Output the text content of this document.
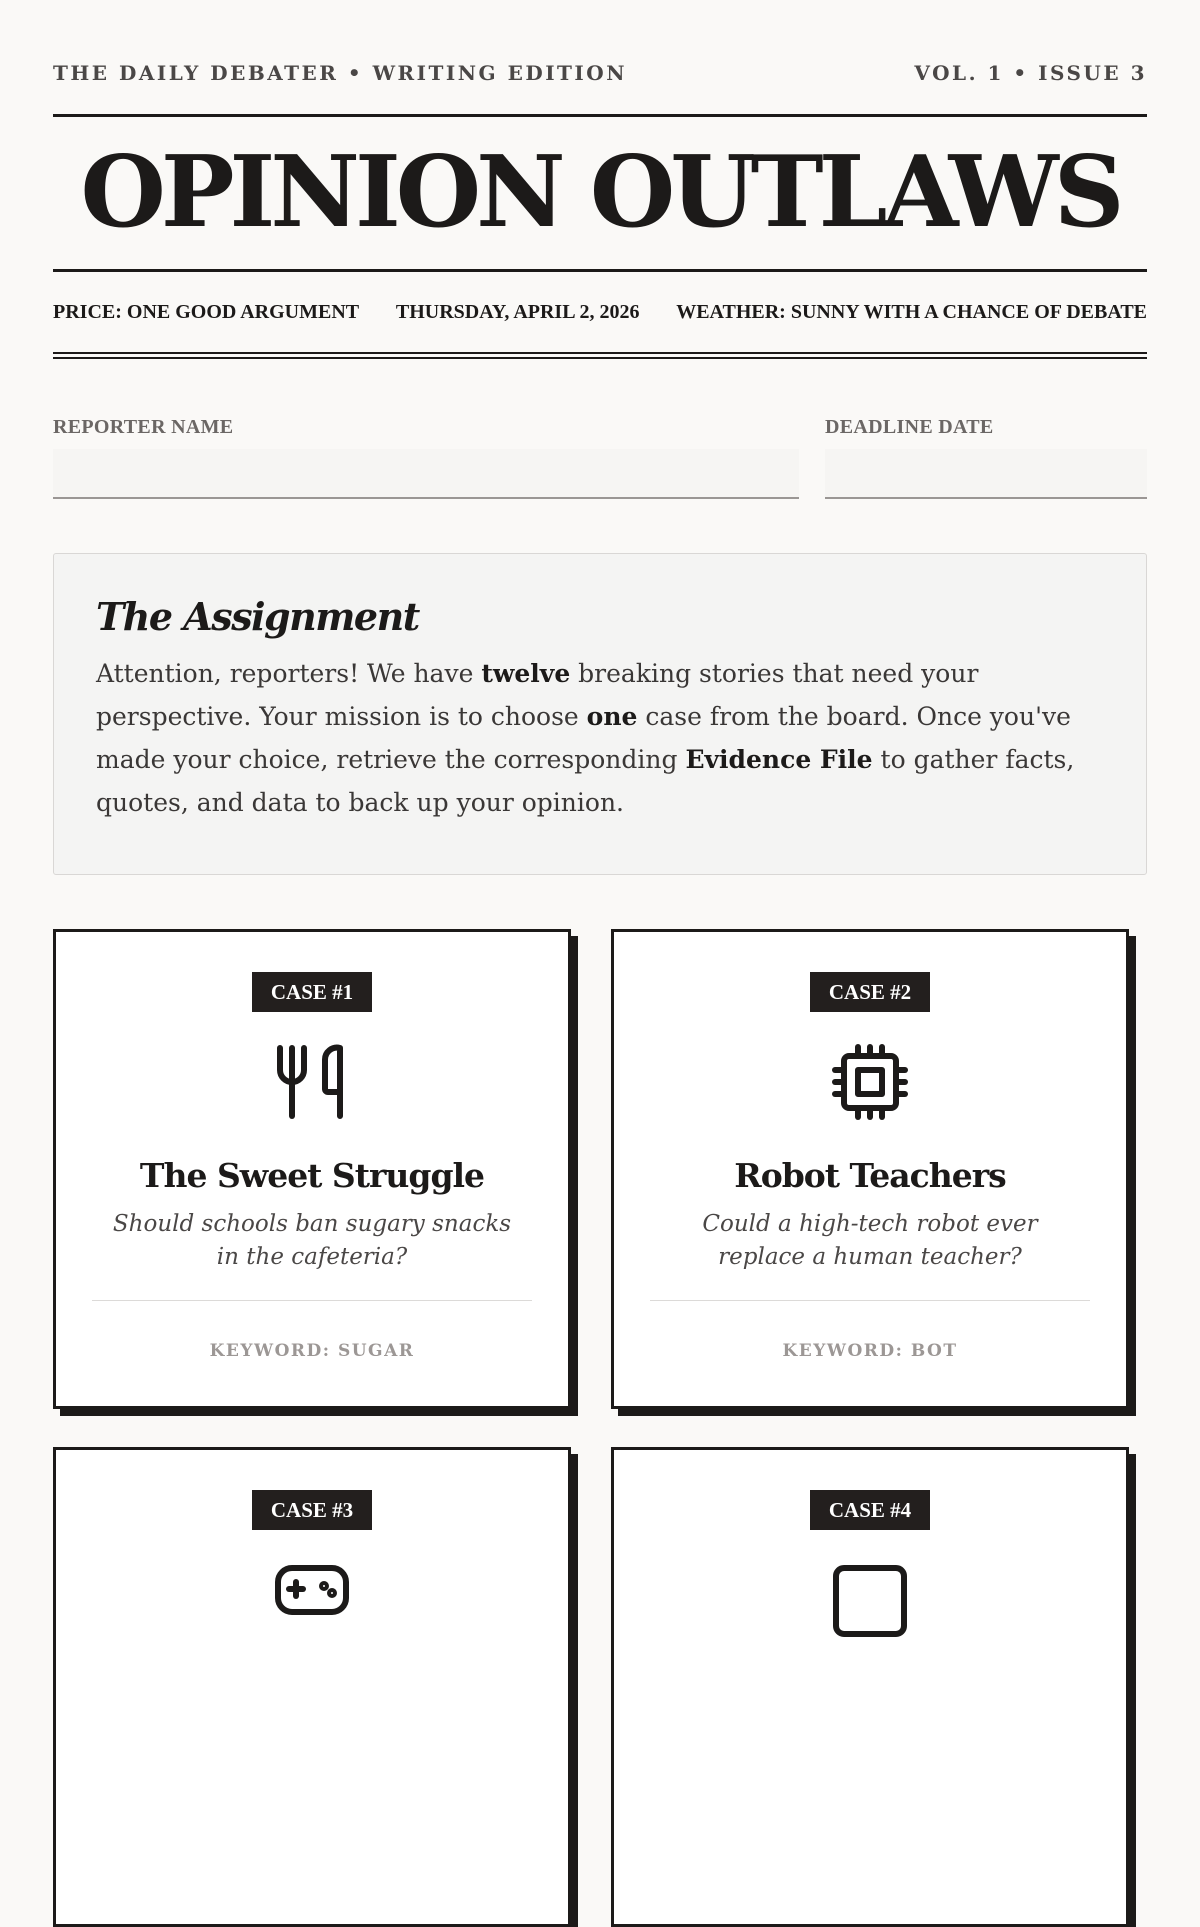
THE DAILY DEBATER • WRITING EDITION	VOL. 1 • ISSUE 3
OPINION OUTLAWS
PRICE: ONE GOOD ARGUMENT THURSDAY, APRIL 2, 2026 WEATHER: SUNNY WITH A CHANCE OF DEBATE
REPORTER NAME	DEADLINE DATE
The Assignment

Attention, reporters! We have twelve breaking stories that need your perspective. Your mission is to choose one case from the board. Once you've made your choice, retrieve the corresponding Evidence File to gather facts, quotes, and data to back up your opinion.

CASE #1
The Sweet Struggle
Should schools ban sugary snacks in the cafeteria?
KEYWORD: SUGAR
CASE #2
Robot Teachers
Could a high-tech robot ever replace a human teacher?
KEYWORD: BOT
CASE #3	CASE #4
